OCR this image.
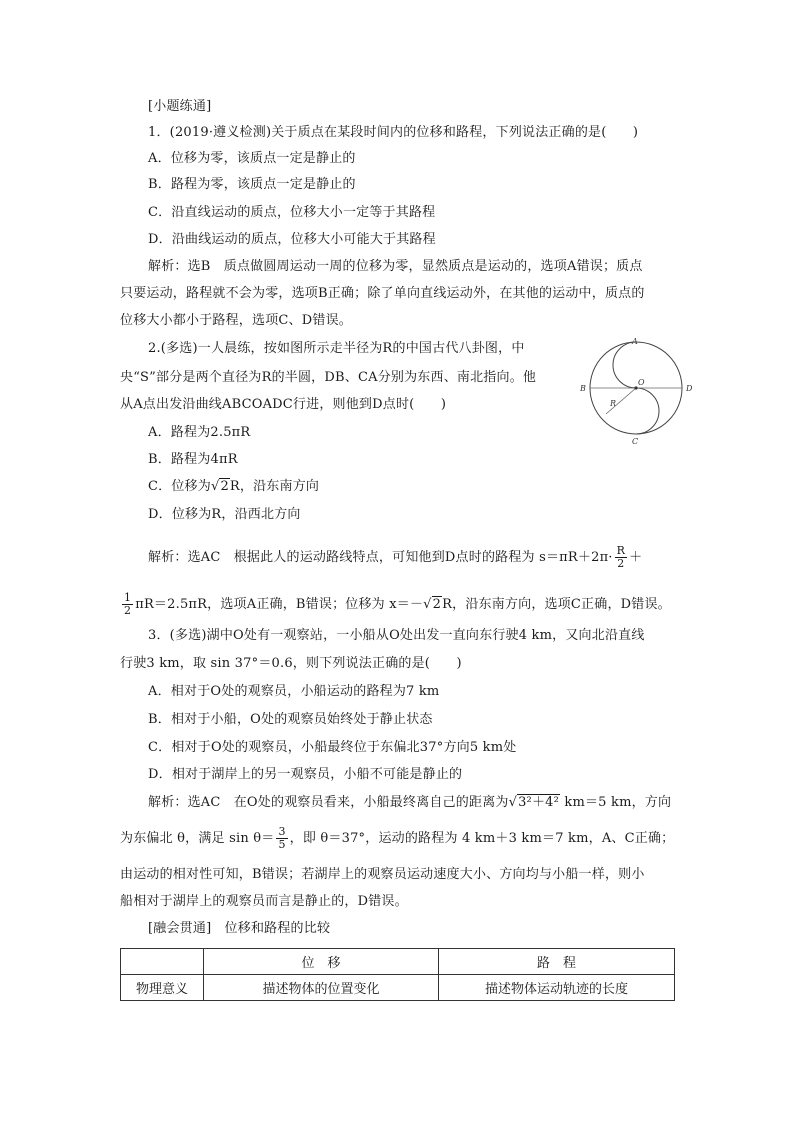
[小题练通]
1．(2019·遵义检测)关于质点在某段时间内的位移和路程，下列说法正确的是(　　)
A．位移为零，该质点一定是静止的
B．路程为零，该质点一定是静止的
C．沿直线运动的质点，位移大小一定等于其路程
D．沿曲线运动的质点，位移大小可能大于其路程
解析：选B　质点做圆周运动一周的位移为零，显然质点是运动的，选项A错误；质点
只要运动，路程就不会为零，选项B正确；除了单向直线运动外，在其他的运动中，质点的
位移大小都小于路程，选项C、D错误。
2.(多选)一人晨练，按如图所示走半径为R的中国古代八卦图，中
央“S”部分是两个直径为R的半圆，DB、CA分别为东西、南北指向。他
从A点出发沿曲线ABCOADC行进，则他到D点时(　　)
A．路程为2.5πR
B．路程为4πR
C．位移为√2R，沿东南方向
D．位移为R，沿西北方向
解析：选AC　根据此人的运动路线特点，可知他到D点时的路程为 $s=\pi R+2\pi\cdot \frac{R}{2}$ ＋
$\frac{1}{2} \pi R=2.5\pi R$，选项A正确，B错误；位移为 x＝－√2R，沿东南方向，选项C正确，D错误。
A
B	D
C
O
R
3．(多选)湖中O处有一观察站，一小船从O处出发一直向东行驶4 km，又向北沿直线
行驶3 km，取 sin 37°＝0.6，则下列说法正确的是(　　)
A．相对于O处的观察员，小船运动的路程为7 km
B．相对于小船，O处的观察员始终处于静止状态
C．相对于O处的观察员，小船最终位于东偏北37°方向5 km处
D．相对于湖岸上的另一观察员，小船不可能是静止的
解析：选AC　在O处的观察员看来，小船最终离自己的距离为√3²＋4² km＝5 km，方向
为东偏北 θ，满足 $\sin \theta= \frac{3}{5}$ ，即 θ＝37°，运动的路程为 4 km＋3 km＝7 km，A、C正确；
由运动的相对性可知，B错误；若湖岸上的观察员运动速度大小、方向均与小船一样，则小
船相对于湖岸上的观察员而言是静止的，D错误。
[融会贯通]　位移和路程的比较
	位　移	路　程
物理意义	描述物体的位置变化	描述物体运动轨迹的长度
